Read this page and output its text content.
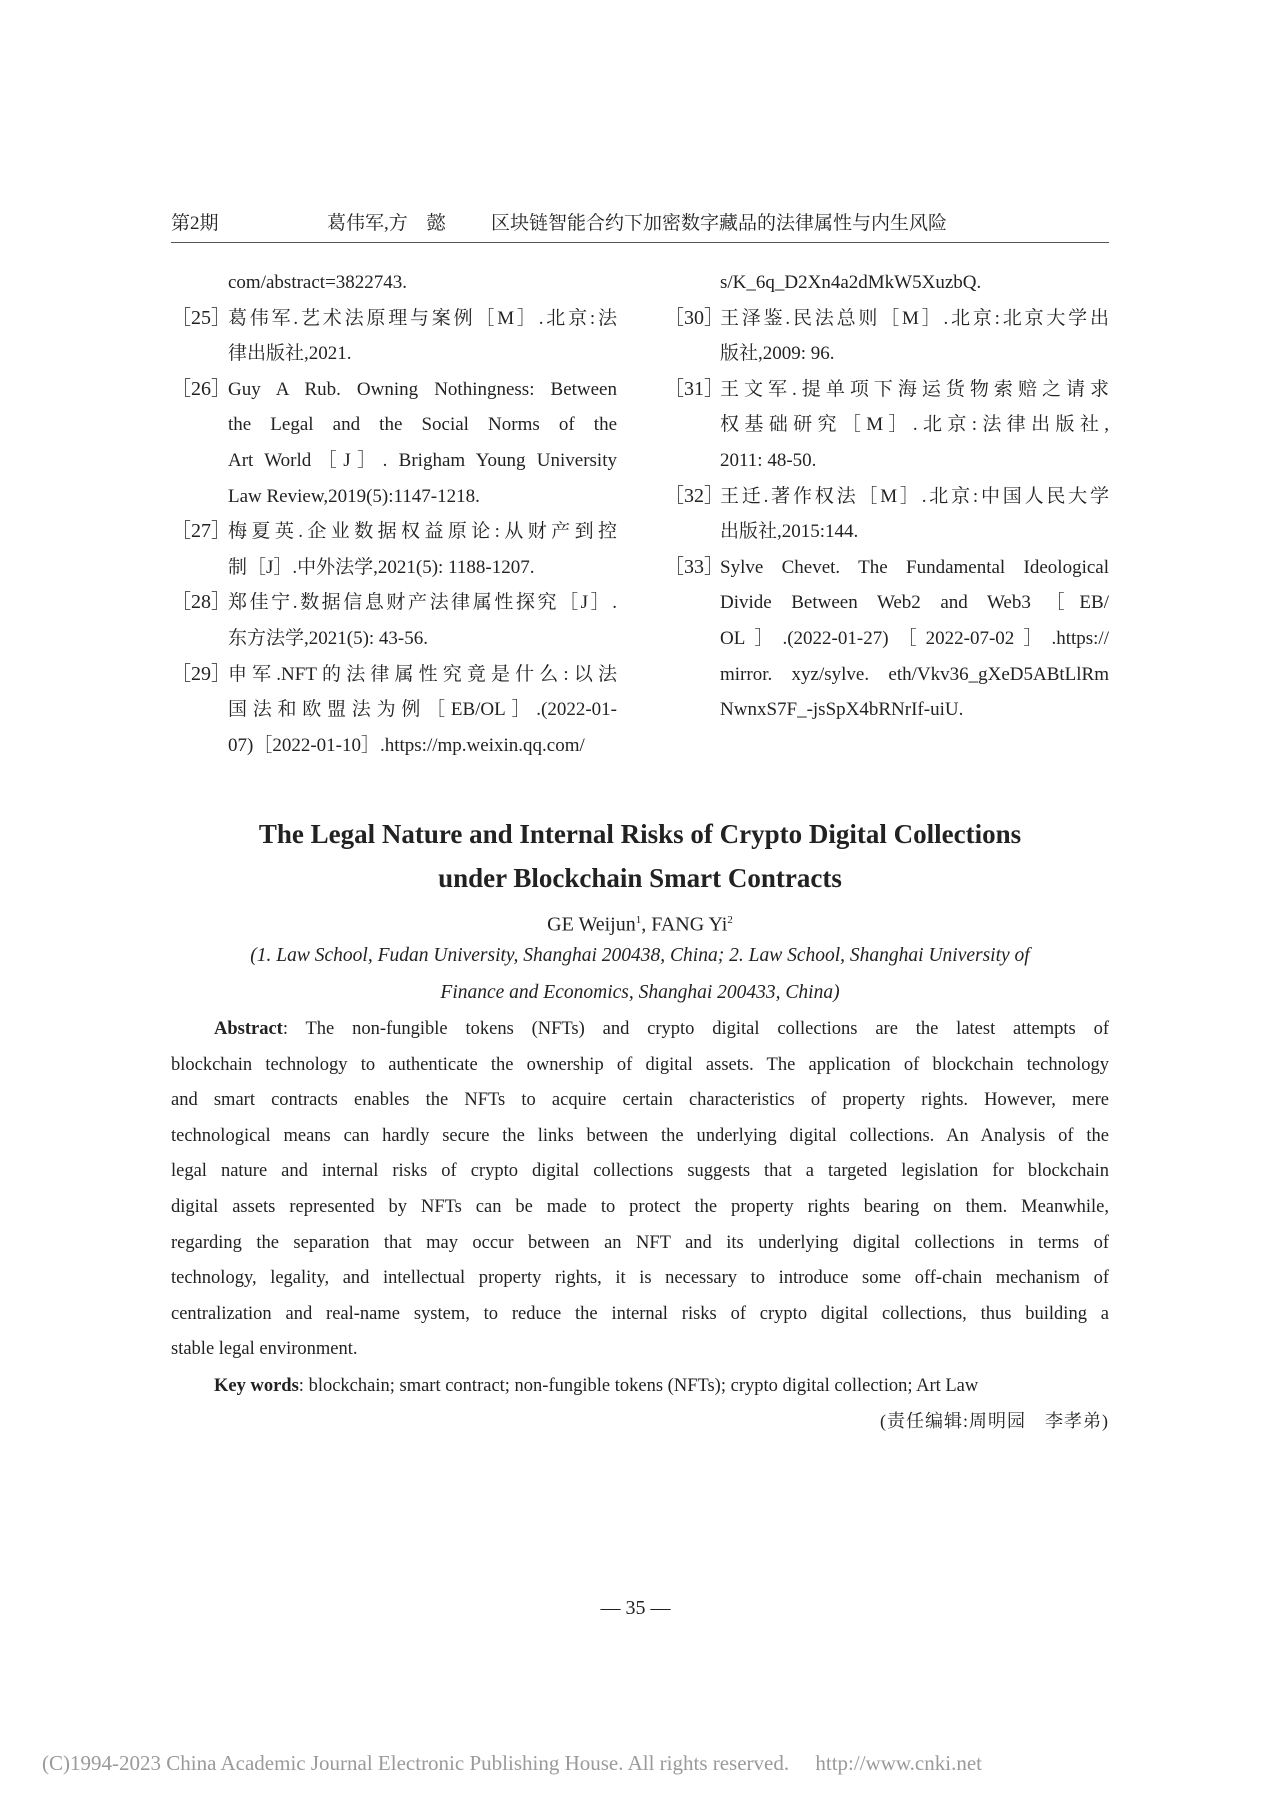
第2期	葛伟军,方　懿 区块链智能合约下加密数字藏品的法律属性与内生风险
com/abstract=3822743.
［25］
葛伟军.艺术法原理与案例［M］.北京:法
律出版社,2021.
［26］
Guy A Rub. Owning Nothingness: Between
the Legal and the Social Norms of the
Art World［J］. Brigham Young University
Law Review,2019(5):1147-1218.
［27］
梅夏英.企业数据权益原论:从财产到控
制［J］.中外法学,2021(5): 1188-1207.
［28］
郑佳宁.数据信息财产法律属性探究［J］.
东方法学,2021(5): 43-56.
［29］
申军.NFT的法律属性究竟是什么:以法
国法和欧盟法为例［EB/OL］.(2022-01-
07)［2022-01-10］.https://mp.weixin.qq.com/
s/K_6q_D2Xn4a2dMkW5XuzbQ.
［30］
王泽鉴.民法总则［M］.北京:北京大学出
版社,2009: 96.
［31］
王文军.提单项下海运货物索赔之请求
权基础研究［M］.北京:法律出版社,
2011: 48-50.
［32］
王迁.著作权法［M］.北京:中国人民大学
出版社,2015:144.
［33］
Sylve Chevet. The Fundamental Ideological
Divide Between Web2 and Web3［EB/
OL］.(2022-01-27)［2022-07-02］.https://
mirror. xyz/sylve. eth/Vkv36_gXeD5ABtLlRm
NwnxS7F_-jsSpX4bRNrIf-uiU.
The Legal Nature and Internal Risks of Crypto Digital Collections
under Blockchain Smart Contracts
GE Weijun$^1$, FANG Yi$^2$
(1. Law School, Fudan University, Shanghai 200438, China; 2. Law School, Shanghai University of
Finance and Economics, Shanghai 200433, China)
Abstract: The non-fungible tokens (NFTs) and crypto digital collections are the latest attempts of
blockchain technology to authenticate the ownership of digital assets. The application of blockchain technology
and smart contracts enables the NFTs to acquire certain characteristics of property rights. However, mere
technological means can hardly secure the links between the underlying digital collections. An Analysis of the
legal nature and internal risks of crypto digital collections suggests that a targeted legislation for blockchain
digital assets represented by NFTs can be made to protect the property rights bearing on them. Meanwhile,
regarding the separation that may occur between an NFT and its underlying digital collections in terms of
technology, legality, and intellectual property rights, it is necessary to introduce some off-chain mechanism of
centralization and real-name system, to reduce the internal risks of crypto digital collections, thus building a
stable legal environment.
Key words: blockchain; smart contract; non-fungible tokens (NFTs); crypto digital collection; Art Law
(责任编辑:周明园　李孝弟)
— 35 —
(C)1994-2023 China Academic Journal Electronic Publishing House. All rights reserved.　 http://www.cnki.net
